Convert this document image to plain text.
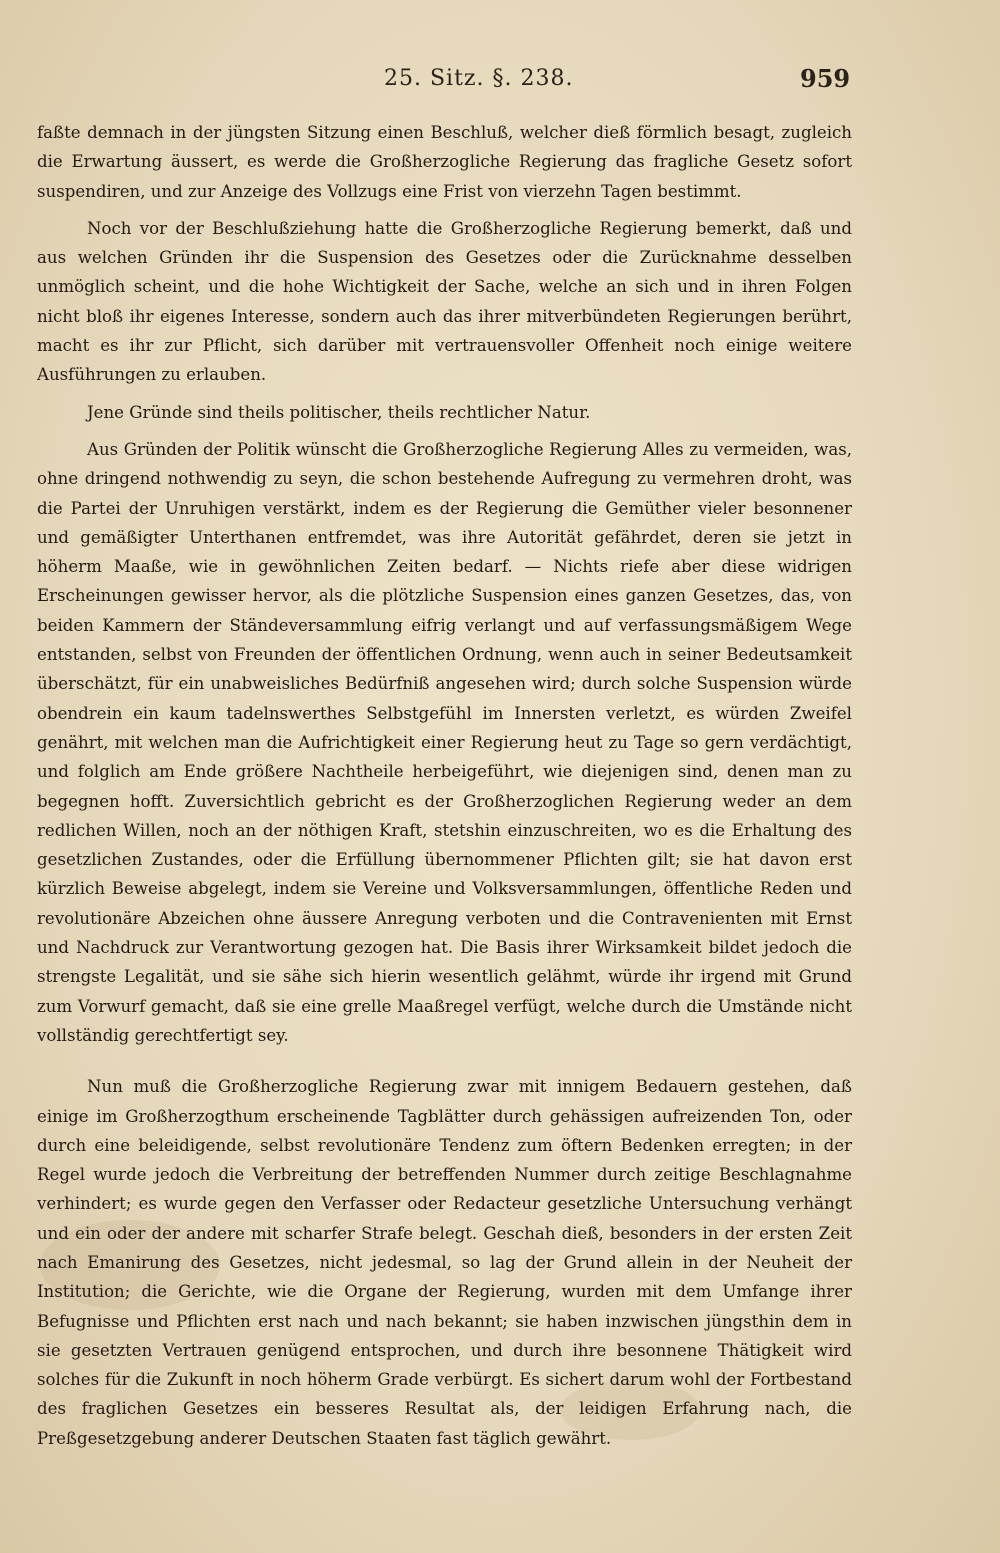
25. Sitz. §. 238.	959

faßte demnach in der jüngsten Sitzung einen Beschluß, welcher dieß förmlich besagt, zugleich die Erwartung äussert, es werde die Großherzogliche Regierung das fragliche Gesetz sofort suspendiren, und zur Anzeige des Vollzugs eine Frist von vierzehn Tagen bestimmt.

Noch vor der Beschlußziehung hatte die Großherzogliche Regierung bemerkt, daß und aus welchen Gründen ihr die Suspension des Gesetzes oder die Zurücknahme desselben unmöglich scheint, und die hohe Wichtigkeit der Sache, welche an sich und in ihren Folgen nicht bloß ihr eigenes Interesse, sondern auch das ihrer mitverbündeten Regierungen berührt, macht es ihr zur Pflicht, sich darüber mit vertrauensvoller Offenheit noch einige weitere Ausführungen zu erlauben.

Jene Gründe sind theils politischer, theils rechtlicher Natur.

Aus Gründen der Politik wünscht die Großherzogliche Regierung Alles zu vermeiden, was, ohne dringend nothwendig zu seyn, die schon bestehende Aufregung zu vermehren droht, was die Partei der Unruhigen verstärkt, indem es der Regierung die Gemüther vieler besonnener und gemäßigter Unterthanen entfremdet, was ihre Autorität gefährdet, deren sie jetzt in höherm Maaße, wie in gewöhnlichen Zeiten bedarf. — Nichts riefe aber diese widrigen Erscheinungen gewisser hervor, als die plötzliche Suspension eines ganzen Gesetzes, das, von beiden Kammern der Ständeversammlung eifrig verlangt und auf verfassungsmäßigem Wege entstanden, selbst von Freunden der öffentlichen Ordnung, wenn auch in seiner Bedeutsamkeit überschätzt, für ein unabweisliches Bedürfniß angesehen wird; durch solche Suspension würde obendrein ein kaum tadelnswerthes Selbstgefühl im Innersten verletzt, es würden Zweifel genährt, mit welchen man die Aufrichtigkeit einer Regierung heut zu Tage so gern verdächtigt, und folglich am Ende größere Nachtheile herbeigeführt, wie diejenigen sind, denen man zu begegnen hofft. Zuversichtlich gebricht es der Großherzoglichen Regierung weder an dem redlichen Willen, noch an der nöthigen Kraft, stetshin einzuschreiten, wo es die Erhaltung des gesetzlichen Zustandes, oder die Erfüllung übernommener Pflichten gilt; sie hat davon erst kürzlich Beweise abgelegt, indem sie Vereine und Volksversammlungen, öffentliche Reden und revolutionäre Abzeichen ohne äussere Anregung verboten und die Contravenienten mit Ernst und Nachdruck zur Verantwortung gezogen hat. Die Basis ihrer Wirksamkeit bildet jedoch die strengste Legalität, und sie sähe sich hierin wesentlich gelähmt, würde ihr irgend mit Grund zum Vorwurf gemacht, daß sie eine grelle Maaßregel verfügt, welche durch die Umstände nicht vollständig gerechtfertigt sey.

Nun muß die Großherzogliche Regierung zwar mit innigem Bedauern gestehen, daß einige im Großherzogthum erscheinende Tagblätter durch gehässigen aufreizenden Ton, oder durch eine beleidigende, selbst revolutionäre Tendenz zum öftern Bedenken erregten; in der Regel wurde jedoch die Verbreitung der betreffenden Nummer durch zeitige Beschlagnahme verhindert; es wurde gegen den Verfasser oder Redacteur gesetzliche Untersuchung verhängt und ein oder der andere mit scharfer Strafe belegt. Geschah dieß, besonders in der ersten Zeit nach Emanirung des Gesetzes, nicht jedesmal, so lag der Grund allein in der Neuheit der Institution; die Gerichte, wie die Organe der Regierung, wurden mit dem Umfange ihrer Befugnisse und Pflichten erst nach und nach bekannt; sie haben inzwischen jüngsthin dem in sie gesetzten Vertrauen genügend entsprochen, und durch ihre besonnene Thätigkeit wird solches für die Zukunft in noch höherm Grade verbürgt. Es sichert darum wohl der Fortbestand des fraglichen Gesetzes ein besseres Resultat als, der leidigen Erfahrung nach, die Preßgesetzgebung anderer Deutschen Staaten fast täglich gewährt.
